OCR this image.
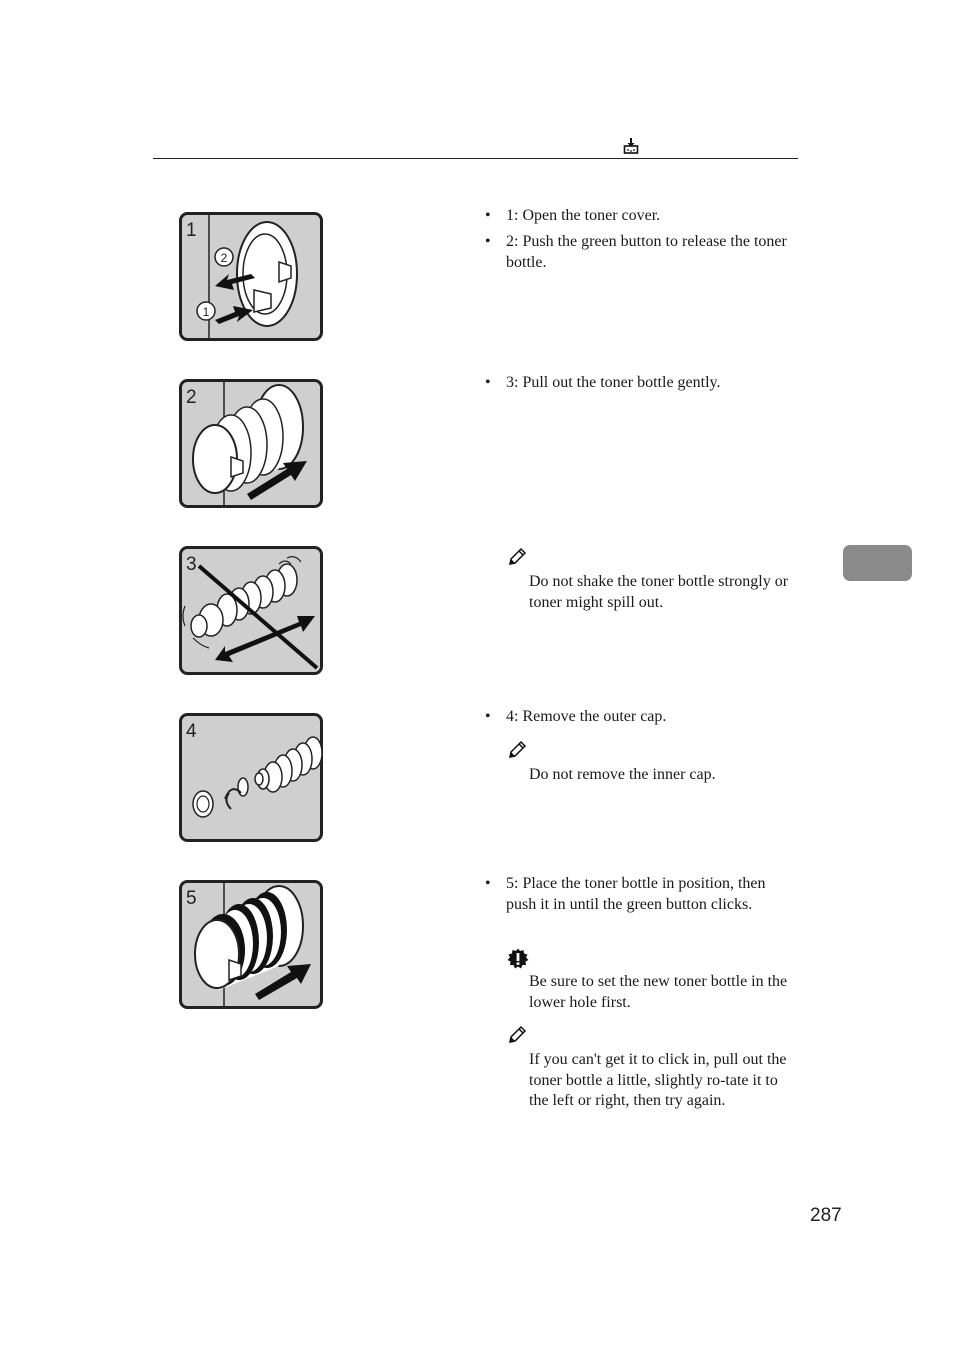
1
2
1
• 1: Open the toner cover.
• 2: Push the green button to release the toner bottle.
2
• 3: Pull out the toner bottle gently.
3
Do not shake the toner bottle strongly or toner might spill out.
4
• 4: Remove the outer cap.
Do not remove the inner cap.
5
• 5: Place the toner bottle in position, then push it in until the green button clicks.
Be sure to set the new toner bottle in the lower hole first.
If you can't get it to click in, pull out the toner bottle a little, slightly ro-tate it to the left or right, then try again.
287
